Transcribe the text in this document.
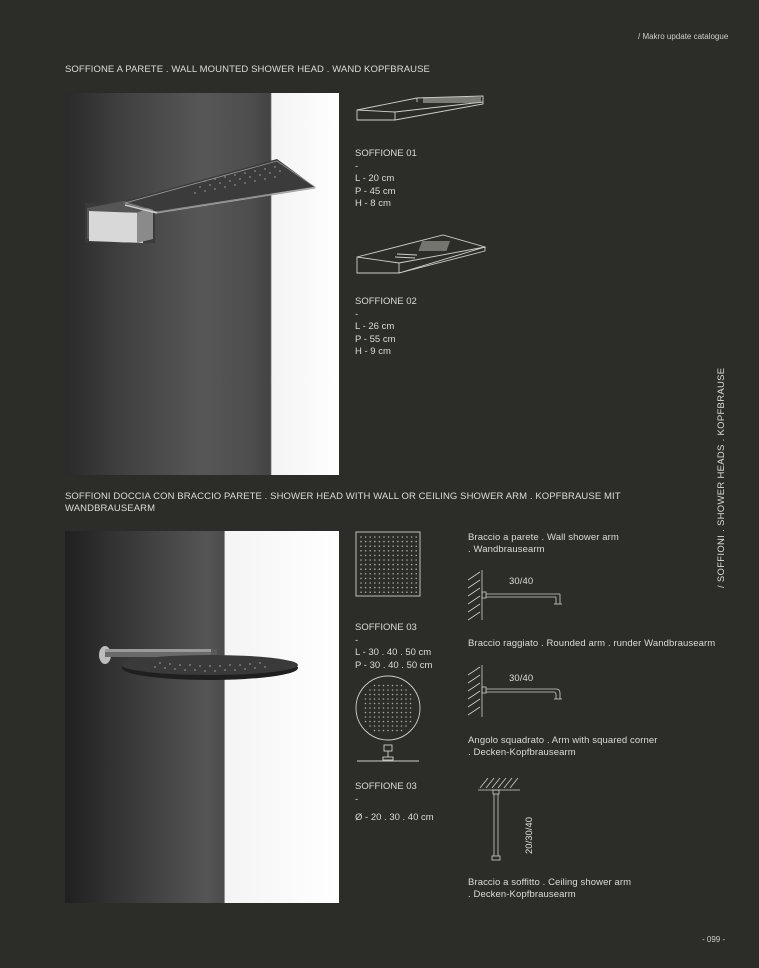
/ Makro update catalogue
SOFFIONE A PARETE . WALL MOUNTED SHOWER HEAD . WAND KOPFBRAUSE
SOFFIONE 01
-
L - 20 cm
P - 45 cm
H - 8 cm
SOFFIONE 02
-
L - 26 cm
P - 55 cm
H - 9 cm
/ SOFFIONI . SHOWER HEADS . KOPFBRAUSE
SOFFIONI DOCCIA CON BRACCIO PARETE . SHOWER HEAD WITH WALL OR CEILING SHOWER ARM . KOPFBRAUSE MIT
WANDBRAUSEARM
SOFFIONE 03
-
L - 30 . 40 . 50 cm
P - 30 . 40 . 50 cm
SOFFIONE 03
-
Ø - 20 . 30 . 40 cm
Braccio a parete . Wall shower arm
. Wandbrausearm
30/40
Braccio raggiato . Rounded arm . runder Wandbrausearm
30/40
Angolo squadrato . Arm with squared corner
. Decken-Kopfbrausearm
20/30/40
Braccio a soffitto . Ceiling shower arm
. Decken-Kopfbrausearm
- 099 -
